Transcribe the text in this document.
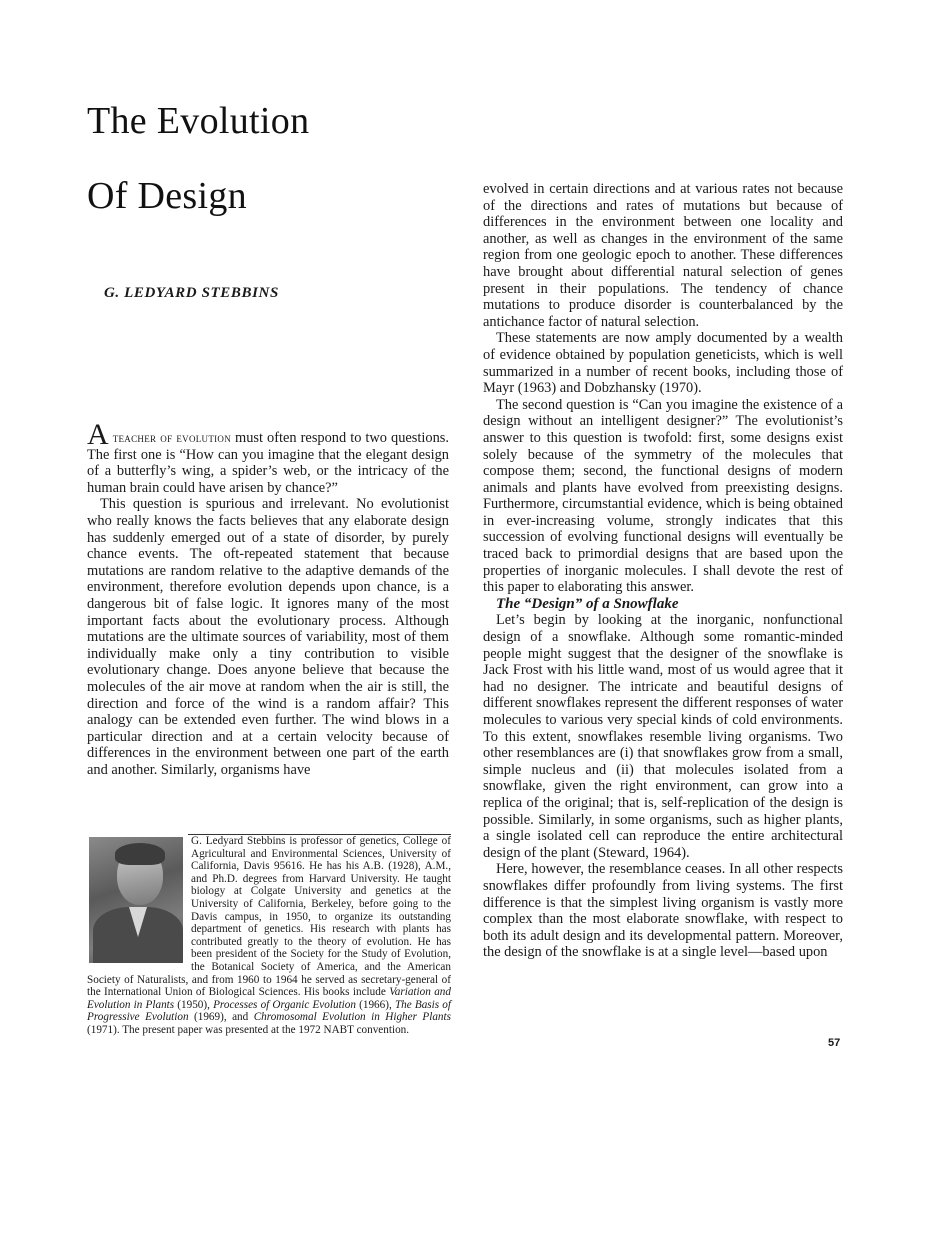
The Evolution
Of Design

G. LEDYARD STEBBINS

A teacher of evolution must often respond to two questions. The first one is “How can you imagine that the elegant design of a butterfly’s wing, a spider’s web, or the intricacy of the human brain could have arisen by chance?”

This question is spurious and irrelevant. No evolutionist who really knows the facts believes that any elaborate design has suddenly emerged out of a state of disorder, by purely chance events. The oft-repeated statement that because mutations are random relative to the adaptive demands of the environment, therefore evolution depends upon chance, is a dangerous bit of false logic. It ignores many of the most important facts about the evolutionary process. Although mutations are the ultimate sources of variability, most of them individually make only a tiny contribution to visible evolutionary change. Does anyone believe that because the molecules of the air move at random when the air is still, the direction and force of the wind is a random affair? This analogy can be extended even further. The wind blows in a particular direction and at a certain velocity because of differences in the environment between one part of the earth and another. Similarly, organisms have

G. Ledyard Stebbins is professor of genetics, College of Agricultural and Environmental Sciences, University of California, Davis 95616. He has his A.B. (1928), A.M., and Ph.D. degrees from Harvard University. He taught biology at Colgate University and genetics at the University of California, Berkeley, before going to the Davis campus, in 1950, to organize its outstanding department of genetics. His research with plants has contributed greatly to the theory of evolution. He has been president of the Society for the Study of Evolution, the Botanical Society of America, and the American Society of Naturalists, and from 1960 to 1964 he served as secretary-general of the International Union of Biological Sciences. His books include Variation and Evolution in Plants (1950), Processes of Organic Evolution (1966), The Basis of Progressive Evolution (1969), and Chromosomal Evolution in Higher Plants (1971). The present paper was presented at the 1972 NABT convention.

evolved in certain directions and at various rates not because of the directions and rates of mutations but because of differences in the environment between one locality and another, as well as changes in the environment of the same region from one geologic epoch to another. These differences have brought about differential natural selection of genes present in their populations. The tendency of chance mutations to produce disorder is counterbalanced by the antichance factor of natural selection.

These statements are now amply documented by a wealth of evidence obtained by population geneticists, which is well summarized in a number of recent books, including those of Mayr (1963) and Dobzhansky (1970).

The second question is “Can you imagine the existence of a design without an intelligent designer?” The evolutionist’s answer to this question is twofold: first, some designs exist solely because of the symmetry of the molecules that compose them; second, the functional designs of modern animals and plants have evolved from preexisting designs. Furthermore, circumstantial evidence, which is being obtained in ever-increasing volume, strongly indicates that this succession of evolving functional designs will eventually be traced back to primordial designs that are based upon the properties of inorganic molecules. I shall devote the rest of this paper to elaborating this answer.

The “Design” of a Snowflake

Let’s begin by looking at the inorganic, nonfunctional design of a snowflake. Although some romantic-minded people might suggest that the designer of the snowflake is Jack Frost with his little wand, most of us would agree that it had no designer. The intricate and beautiful designs of different snowflakes represent the different responses of water molecules to various very special kinds of cold environments. To this extent, snowflakes resemble living organisms. Two other resemblances are (i) that snowflakes grow from a small, simple nucleus and (ii) that molecules isolated from a snowflake, given the right environment, can grow into a replica of the original; that is, self-replication of the design is possible. Similarly, in some organisms, such as higher plants, a single isolated cell can reproduce the entire architectural design of the plant (Steward, 1964).

Here, however, the resemblance ceases. In all other respects snowflakes differ profoundly from living systems. The first difference is that the simplest living organism is vastly more complex than the most elaborate snowflake, with respect to both its adult design and its developmental pattern. Moreover, the design of the snowflake is at a single level—based upon

57
